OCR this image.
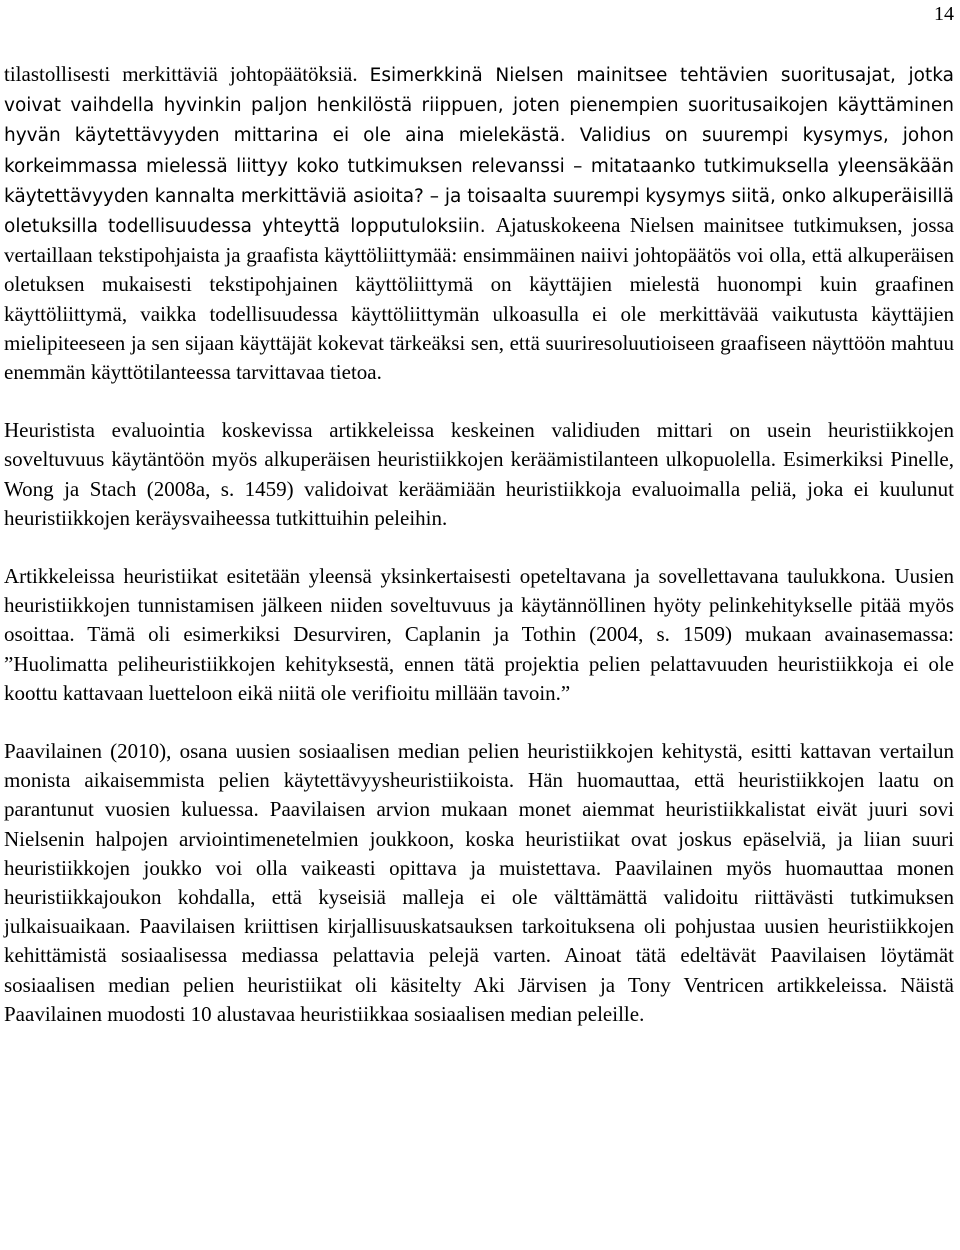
14

tilastollisesti merkittäviä johtopäätöksiä. Esimerkkinä Nielsen mainitsee tehtävien suoritusajat, jotka voivat vaihdella hyvinkin paljon henkilöstä riippuen, joten pienempien suoritusaikojen käyttäminen hyvän käytettävyyden mittarina ei ole aina mielekästä. Validius on suurempi kysymys, johon korkeimmassa mielessä liittyy koko tutkimuksen relevanssi – mitataanko tutkimuksella yleensäkään käytettävyyden kannalta merkittäviä asioita? – ja toisaalta suurempi kysymys siitä, onko alkuperäisillä oletuksilla todellisuudessa yhteyttä lopputuloksiin. Ajatuskokeena Nielsen mainitsee tutkimuksen, jossa vertaillaan tekstipohjaista ja graafista käyttöliittymää: ensimmäinen naiivi johtopäätös voi olla, että alkuperäisen oletuksen mukaisesti tekstipohjainen käyttöliittymä on käyttäjien mielestä huonompi kuin graafinen käyttöliittymä, vaikka todellisuudessa käyttöliittymän ulkoasulla ei ole merkittävää vaikutusta käyttäjien mielipiteeseen ja sen sijaan käyttäjät kokevat tärkeäksi sen, että suuriresoluutioiseen graafiseen näyttöön mahtuu enemmän käyttötilanteessa tarvittavaa tietoa.

Heuristista evaluointia koskevissa artikkeleissa keskeinen validiuden mittari on usein heuristiikkojen soveltuvuus käytäntöön myös alkuperäisen heuristiikkojen keräämistilanteen ulkopuolella. Esimerkiksi Pinelle, Wong ja Stach (2008a, s. 1459) validoivat keräämiään heuristiikkoja evaluoimalla peliä, joka ei kuulunut heuristiikkojen keräysvaiheessa tutkittuihin peleihin.

Artikkeleissa heuristiikat esitetään yleensä yksinkertaisesti opeteltavana ja sovellettavana taulukkona. Uusien heuristiikkojen tunnistamisen jälkeen niiden soveltuvuus ja käytännöllinen hyöty pelinkehitykselle pitää myös osoittaa. Tämä oli esimerkiksi Desurviren, Caplanin ja Tothin (2004, s. 1509) mukaan avainasemassa: ”Huolimatta peliheuristiikkojen kehityksestä, ennen tätä projektia pelien pelattavuuden heuristiikkoja ei ole koottu kattavaan luetteloon eikä niitä ole verifioitu millään tavoin.”

Paavilainen (2010), osana uusien sosiaalisen median pelien heuristiikkojen kehitystä, esitti kattavan vertailun monista aikaisemmista pelien käytettävyysheuristiikoista. Hän huomauttaa, että heuristiikkojen laatu on parantunut vuosien kuluessa. Paavilaisen arvion mukaan monet aiemmat heuristiikkalistat eivät juuri sovi Nielsenin halpojen arviointimenetelmien joukkoon, koska heuristiikat ovat joskus epäselviä, ja liian suuri heuristiikkojen joukko voi olla vaikeasti opittava ja muistettava. Paavilainen myös huomauttaa monen heuristiikkajoukon kohdalla, että kyseisiä malleja ei ole välttämättä validoitu riittävästi tutkimuksen julkaisuaikaan. Paavilaisen kriittisen kirjallisuuskatsauksen tarkoituksena oli pohjustaa uusien heuristiikkojen kehittämistä sosiaalisessa mediassa pelattavia pelejä varten. Ainoat tätä edeltävät Paavilaisen löytämät sosiaalisen median pelien heuristiikat oli käsitelty Aki Järvisen ja Tony Ventricen artikkeleissa. Näistä Paavilainen muodosti 10 alustavaa heuristiikkaa sosiaalisen median peleille.
